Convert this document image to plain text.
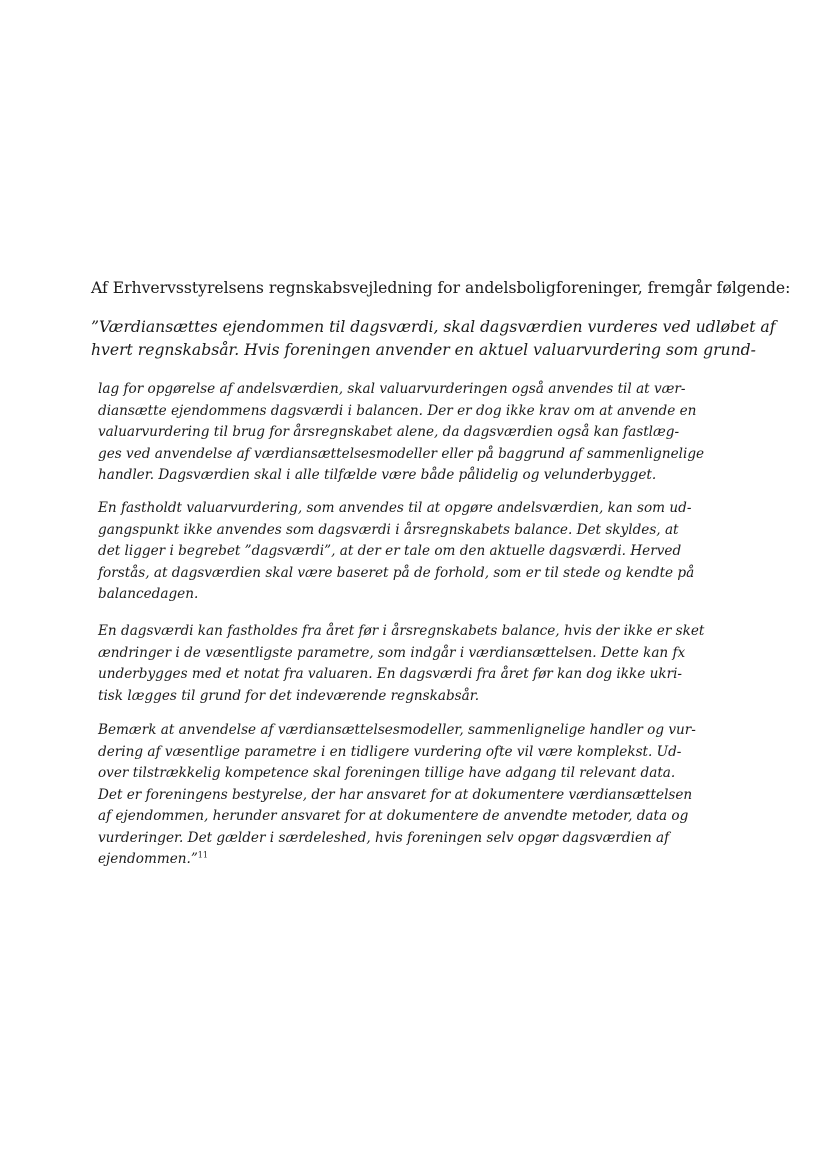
Af Erhvervsstyrelsens regnskabsvejledning for andelsboligforeninger, fremgår følgende:

”Værdiansættes ejendommen til dagsværdi, skal dagsværdien vurderes ved udløbet af
hvert regnskabsår. Hvis foreningen anvender en aktuel valuarvurdering som grund-

lag for opgørelse af andelsværdien, skal valuarvurderingen også anvendes til at vær-
diansætte ejendommens dagsværdi i balancen. Der er dog ikke krav om at anvende en
valuarvurdering til brug for årsregnskabet alene, da dagsværdien også kan fastlæg-
ges ved anvendelse af værdiansættelsesmodeller eller på baggrund af sammenlignelige
handler. Dagsværdien skal i alle tilfælde være både pålidelig og velunderbygget.

En fastholdt valuarvurdering, som anvendes til at opgøre andelsværdien, kan som ud-
gangspunkt ikke anvendes som dagsværdi i årsregnskabets balance. Det skyldes, at
det ligger i begrebet ”dagsværdi”, at der er tale om den aktuelle dagsværdi. Herved
forstås, at dagsværdien skal være baseret på de forhold, som er til stede og kendte på
balancedagen.

En dagsværdi kan fastholdes fra året før i årsregnskabets balance, hvis der ikke er sket
ændringer i de væsentligste parametre, som indgår i værdiansættelsen. Dette kan fx
underbygges med et notat fra valuaren. En dagsværdi fra året før kan dog ikke ukri-
tisk lægges til grund for det indeværende regnskabsår.

Bemærk at anvendelse af værdiansættelsesmodeller, sammenlignelige handler og vur-
dering af væsentlige parametre i en tidligere vurdering ofte vil være komplekst. Ud-
over tilstrækkelig kompetence skal foreningen tillige have adgang til relevant data.
Det er foreningens bestyrelse, der har ansvaret for at dokumentere værdiansættelsen
af ejendommen, herunder ansvaret for at dokumentere de anvendte metoder, data og
vurderinger. Det gælder i særdeleshed, hvis foreningen selv opgør dagsværdien af
ejendommen.”$^{11}$
